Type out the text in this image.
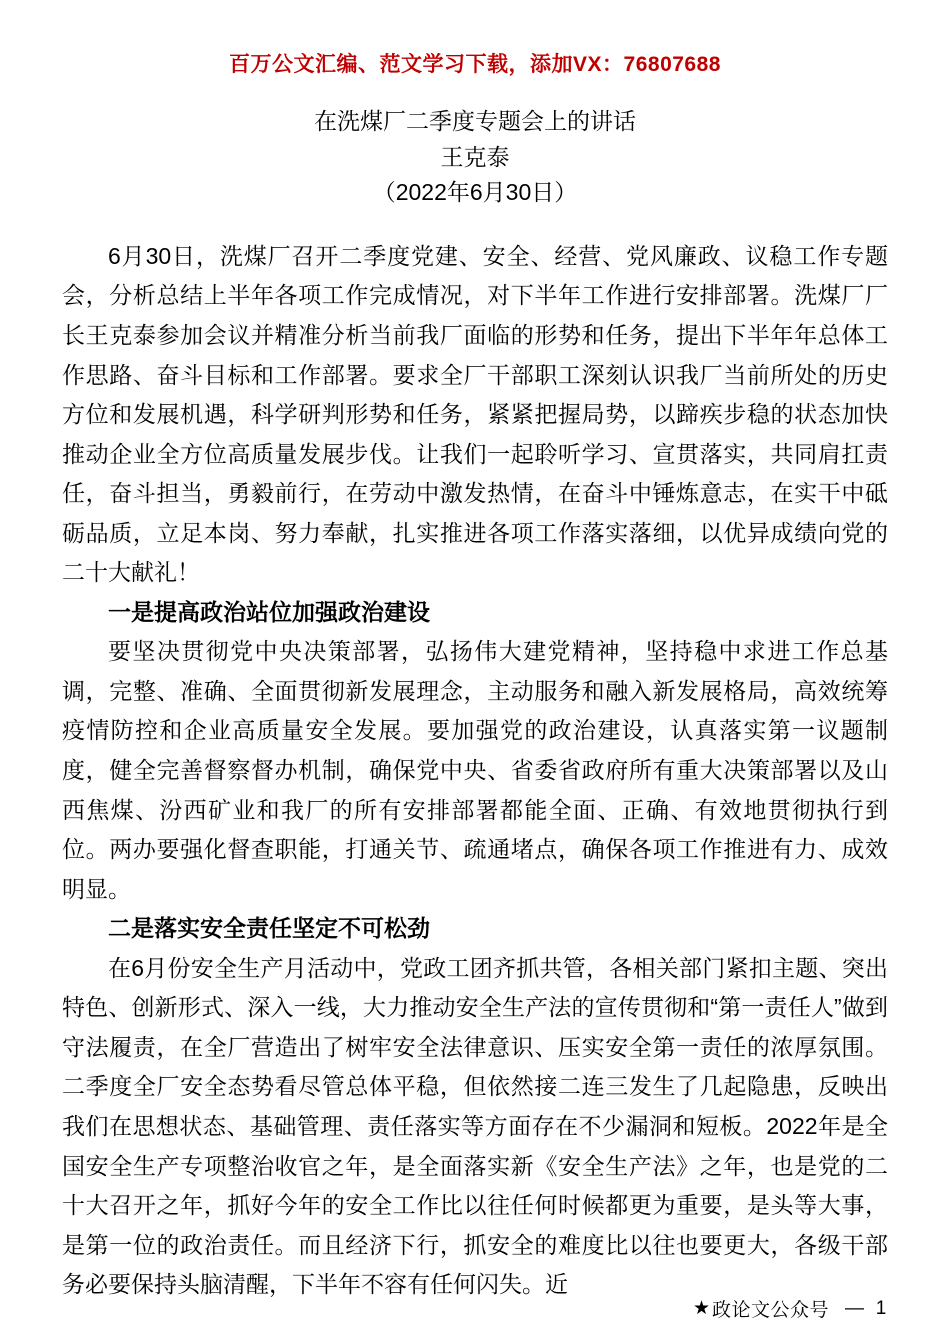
百万公文汇编、范文学习下载，添加VX：76807688
在洗煤厂二季度专题会上的讲话
王克泰
（2022年6月30日）

6月30日，洗煤厂召开二季度党建、安全、经营、党风廉政、议稳工作专题会，分析总结上半年各项工作完成情况，对下半年工作进行安排部署。洗煤厂厂长王克泰参加会议并精准分析当前我厂面临的形势和任务，提出下半年年总体工作思路、奋斗目标和工作部署。要求全厂干部职工深刻认识我厂当前所处的历史方位和发展机遇，科学研判形势和任务，紧紧把握局势，以蹄疾步稳的状态加快推动企业全方位高质量发展步伐。让我们一起聆听学习、宣贯落实，共同肩扛责任，奋斗担当，勇毅前行，在劳动中激发热情，在奋斗中锤炼意志，在实干中砥砺品质，立足本岗、努力奉献，扎实推进各项工作落实落细，以优异成绩向党的二十大献礼！

一是提高政治站位加强政治建设

要坚决贯彻党中央决策部署，弘扬伟大建党精神，坚持稳中求进工作总基调，完整、准确、全面贯彻新发展理念，主动服务和融入新发展格局，高效统筹疫情防控和企业高质量安全发展。要加强党的政治建设，认真落实第一议题制度，健全完善督察督办机制，确保党中央、省委省政府所有重大决策部署以及山西焦煤、汾西矿业和我厂的所有安排部署都能全面、正确、有效地贯彻执行到位。两办要强化督查职能，打通关节、疏通堵点，确保各项工作推进有力、成效明显。

二是落实安全责任坚定不可松劲

在6月份安全生产月活动中，党政工团齐抓共管，各相关部门紧扣主题、突出特色、创新形式、深入一线，大力推动安全生产法的宣传贯彻和“第一责任人”做到守法履责，在全厂营造出了树牢安全法律意识、压实安全第一责任的浓厚氛围。二季度全厂安全态势看尽管总体平稳，但依然接二连三发生了几起隐患，反映出我们在思想状态、基础管理、责任落实等方面存在不少漏洞和短板。2022年是全国安全生产专项整治收官之年，是全面落实新《安全生产法》之年，也是党的二十大召开之年，抓好今年的安全工作比以往任何时候都更为重要，是头等大事，是第一位的政治责任。而且经济下行，抓安全的难度比以往也要更大，各级干部务必要保持头脑清醒，下半年不容有任何闪失。近

★ 政论文公众号 — 1
